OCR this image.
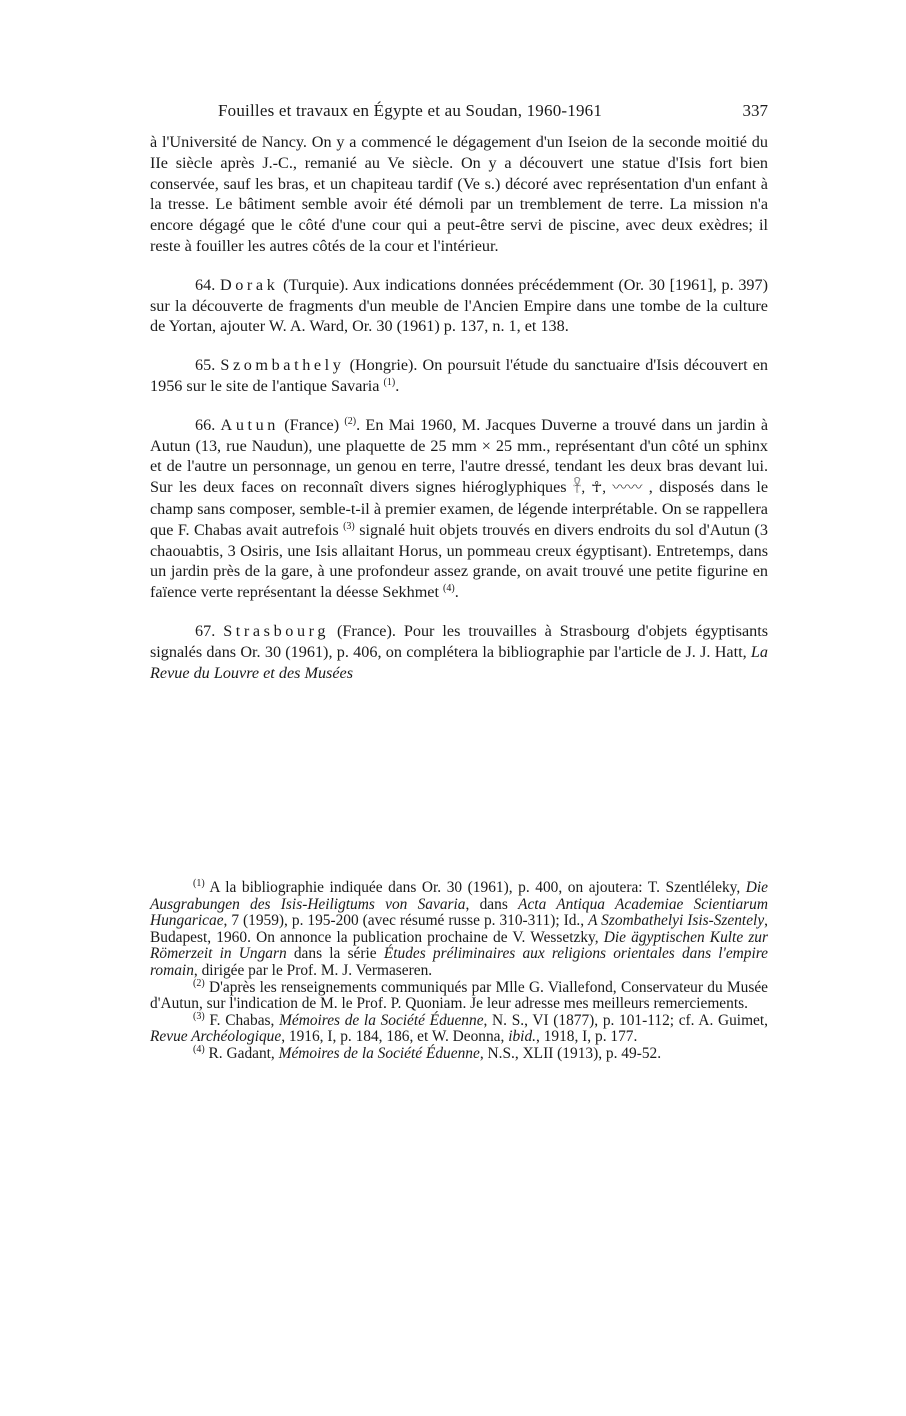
Fouilles et travaux en Égypte et au Soudan, 1960-1961	337

à l'Université de Nancy. On y a commencé le dégagement d'un Iseion de la seconde moitié du IIe siècle après J.-C., remanié au Ve siècle. On y a découvert une statue d'Isis fort bien conservée, sauf les bras, et un chapiteau tardif (Ve s.) décoré avec représentation d'un enfant à la tresse. Le bâtiment semble avoir été démoli par un tremblement de terre. La mission n'a encore dégagé que le côté d'une cour qui a peut-être servi de piscine, avec deux exèdres; il reste à fouiller les autres côtés de la cour et l'intérieur.

64. Dorak (Turquie). Aux indications données précédemment (Or. 30 [1961], p. 397) sur la découverte de fragments d'un meuble de l'Ancien Empire dans une tombe de la culture de Yortan, ajouter W. A. Ward, Or. 30 (1961) p. 137, n. 1, et 138.

65. Szombathely (Hongrie). On poursuit l'étude du sanctuaire d'Isis découvert en 1956 sur le site de l'antique Savaria $^{(1)}$.

66. Autun (France) $^{(2)}$. En Mai 1960, M. Jacques Duverne a trouvé dans un jardin à Autun (13, rue Naudun), une plaquette de 25 mm × 25 mm., représentant d'un côté un sphinx et de l'autre un personnage, un genou en terre, l'autre dressé, tendant les deux bras devant lui. Sur les deux faces on reconnaît divers signes hiéroglyphiques 𓋹, ☥, 〰〰 , disposés dans le champ sans composer, semble-t-il à premier examen, de légende interprétable. On se rappellera que F. Chabas avait autrefois $^{(3)}$ signalé huit objets trouvés en divers endroits du sol d'Autun (3 chaouabtis, 3 Osiris, une Isis allaitant Horus, un pommeau creux égyptisant). Entretemps, dans un jardin près de la gare, à une profondeur assez grande, on avait trouvé une petite figurine en faïence verte représentant la déesse Sekhmet $^{(4)}$.

67. Strasbourg (France). Pour les trouvailles à Strasbourg d'objets égyptisants signalés dans Or. 30 (1961), p. 406, on complétera la bibliographie par l'article de J. J. Hatt, La Revue du Louvre et des Musées

$^{(1)}$ A la bibliographie indiquée dans Or. 30 (1961), p. 400, on ajoutera: T. Szentléleky, Die Ausgrabungen des Isis-Heiligtums von Savaria, dans Acta Antiqua Academiae Scientiarum Hungaricae, 7 (1959), p. 195-200 (avec résumé russe p. 310-311); Id., A Szombathelyi Isis-Szentely, Budapest, 1960. On annonce la publication prochaine de V. Wessetzky, Die ägyptischen Kulte zur Römerzeit in Ungarn dans la série Études préliminaires aux religions orientales dans l'empire romain, dirigée par le Prof. M. J. Vermaseren.

$^{(2)}$ D'après les renseignements communiqués par Mlle G. Viallefond, Conservateur du Musée d'Autun, sur l'indication de M. le Prof. P. Quoniam. Je leur adresse mes meilleurs remerciements.

$^{(3)}$ F. Chabas, Mémoires de la Société Éduenne, N. S., VI (1877), p. 101-112; cf. A. Guimet, Revue Archéologique, 1916, I, p. 184, 186, et W. Deonna, ibid., 1918, I, p. 177.

$^{(4)}$ R. Gadant, Mémoires de la Société Éduenne, N.S., XLII (1913), p. 49-52.
